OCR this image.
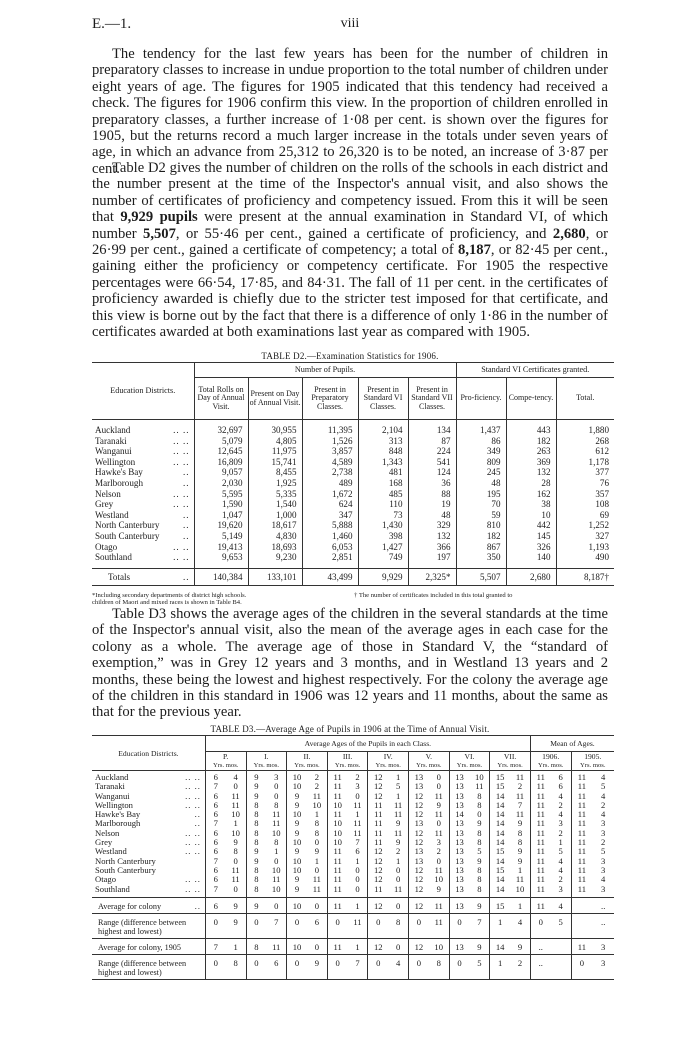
E.—1.	viii

The tendency for the last few years has been for the number of children in preparatory classes to increase in undue proportion to the total number of children under eight years of age. The figures for 1905 indicated that this tendency had received a check. The figures for 1906 confirm this view. In the proportion of children enrolled in preparatory classes, a further increase of 1·08 per cent. is shown over the figures for 1905, but the returns record a much larger increase in the totals under seven years of age, in which an advance from 25,312 to 26,320 is to be noted, an increase of 3·87 per cent.

Table D2 gives the number of children on the rolls of the schools in each district and the number present at the time of the Inspector's annual visit, and also shows the number of certificates of proficiency and competency issued. From this it will be seen that 9,929 pupils were present at the annual examination in Standard VI, of which number 5,507, or 55·46 per cent., gained a certificate of proficiency, and 2,680, or 26·99 per cent., gained a certificate of competency; a total of 8,187, or 82·45 per cent., gaining either the proficiency or competency certificate. For 1905 the respective percentages were 66·54, 17·85, and 84·31. The fall of 11 per cent. in the certificates of proficiency awarded is chiefly due to the stricter test imposed for that certificate, and this view is borne out by the fact that there is a difference of only 1·86 in the number of certificates awarded at both examinations last year as compared with 1905.

TABLE D2.—Examination Statistics for 1906.
Education Districts.	Number of Pupils.					Standard VI Certificates granted.		
	Total Rolls on Day of Annual Visit.	Present on Day of Annual Visit.	Present in Preparatory Classes.	Present in Standard VI Classes.	Present in Standard VII Classes.	Pro-ficiency.	Compe-tency.	Total.
Auckland .. ..	32,697	30,955	11,395	2,104	134	1,437	443	1,880
Taranaki .. ..	5,079	4,805	1,526	313	87	86	182	268
Wanganui .. ..	12,645	11,975	3,857	848	224	349	263	612
Wellington .. ..	16,809	15,741	4,589	1,343	541	809	369	1,178
Hawke's Bay ..	9,057	8,455	2,738	481	124	245	132	377
Marlborough ..	2,030	1,925	489	168	36	48	28	76
Nelson .. ..	5,595	5,335	1,672	485	88	195	162	357
Grey .. ..	1,590	1,540	624	110	19	70	38	108
Westland ..	1,047	1,000	347	73	48	59	10	69
North Canterbury ..	19,620	18,617	5,888	1,430	329	810	442	1,252
South Canterbury ..	5,149	4,830	1,460	398	132	182	145	327
Otago .. ..	19,413	18,693	6,053	1,427	366	867	326	1,193
Southland .. ..	9,653	9,230	2,851	749	197	350	140	490
Totals ..	140,384	133,101	43,499	9,929	2,325*	5,507	2,680	8,187†
*Including secondary departments of district high schools.	† The number of certificates included in this total granted to
children of Maori and mixed races is shown in Table B4.

Table D3 shows the average ages of the children in the several standards at the time of the Inspector's annual visit, also the mean of the average ages in each case for the colony as a whole. The average age of those in Standard V, the “standard of exemption,” was in Grey 12 years and 3 months, and in Westland 13 years and 2 months, these being the lowest and highest respectively. For the colony the average age of the children in this standard in 1906 was 12 years and 11 months, about the same as that for the previous year.

TABLE D3.—Average Age of Pupils in 1906 at the Time of Annual Visit.
Education Districts.	Average Ages of the Pupils in each Class.																Mean of Ages.			
	P.		I.		II.		III.		IV.		V.		VI.		VII.		1906.		1905.	
	Yrs. mos.		Yrs. mos.		Yrs. mos.		Yrs. mos.		Yrs. mos.		Yrs. mos.		Yrs. mos.		Yrs. mos.		Yrs. mos.		Yrs. mos.	
Auckland .. ..	6	4	9	3	10	2	11	2	12	1	13	0	13	10	15	11	11	6	11	4
Taranaki .. ..	7	0	9	0	10	2	11	3	12	5	13	0	13	11	15	2	11	6	11	5
Wanganui .. ..	6	11	9	0	9	11	11	0	12	1	12	11	13	8	14	11	11	4	11	4
Wellington .. ..	6	11	8	8	9	10	10	11	11	11	12	9	13	8	14	7	11	2	11	2
Hawke's Bay ..	6	10	8	11	10	1	11	1	11	11	12	11	14	0	14	11	11	4	11	4
Marlborough ..	7	1	8	11	9	8	10	11	11	9	13	0	13	9	14	9	11	3	11	3
Nelson .. ..	6	10	8	10	9	8	10	11	11	11	12	11	13	8	14	8	11	2	11	3
Grey .. ..	6	9	8	8	10	0	10	7	11	9	12	3	13	8	14	8	11	1	11	2
Westland .. ..	6	8	9	1	9	9	11	6	12	2	13	2	13	5	15	9	11	5	11	5
North Canterbury	7	0	9	0	10	1	11	1	12	1	13	0	13	9	14	9	11	4	11	3
South Canterbury	6	11	8	10	10	0	11	0	12	0	12	11	13	8	15	1	11	4	11	3
Otago .. ..	6	11	8	11	9	11	11	0	12	0	12	10	13	8	14	11	11	2	11	4
Southland .. ..	7	0	8	10	9	11	11	0	11	11	12	9	13	8	14	10	11	3	11	3
Average for colony ..	6	9	9	0	10	0	11	1	12	0	12	11	13	9	15	1	11	4		..
Range (difference between highest and lowest)	0	9	0	7	0	6	0	11	0	8	0	11	0	7	1	4	0	5		..
Average for colony, 1905	7	1	8	11	10	0	11	1	12	0	12	10	13	9	14	9	..		11	3
Range (difference between highest and lowest)	0	8	0	6	0	9	0	7	0	4	0	8	0	5	1	2	..		0	3
